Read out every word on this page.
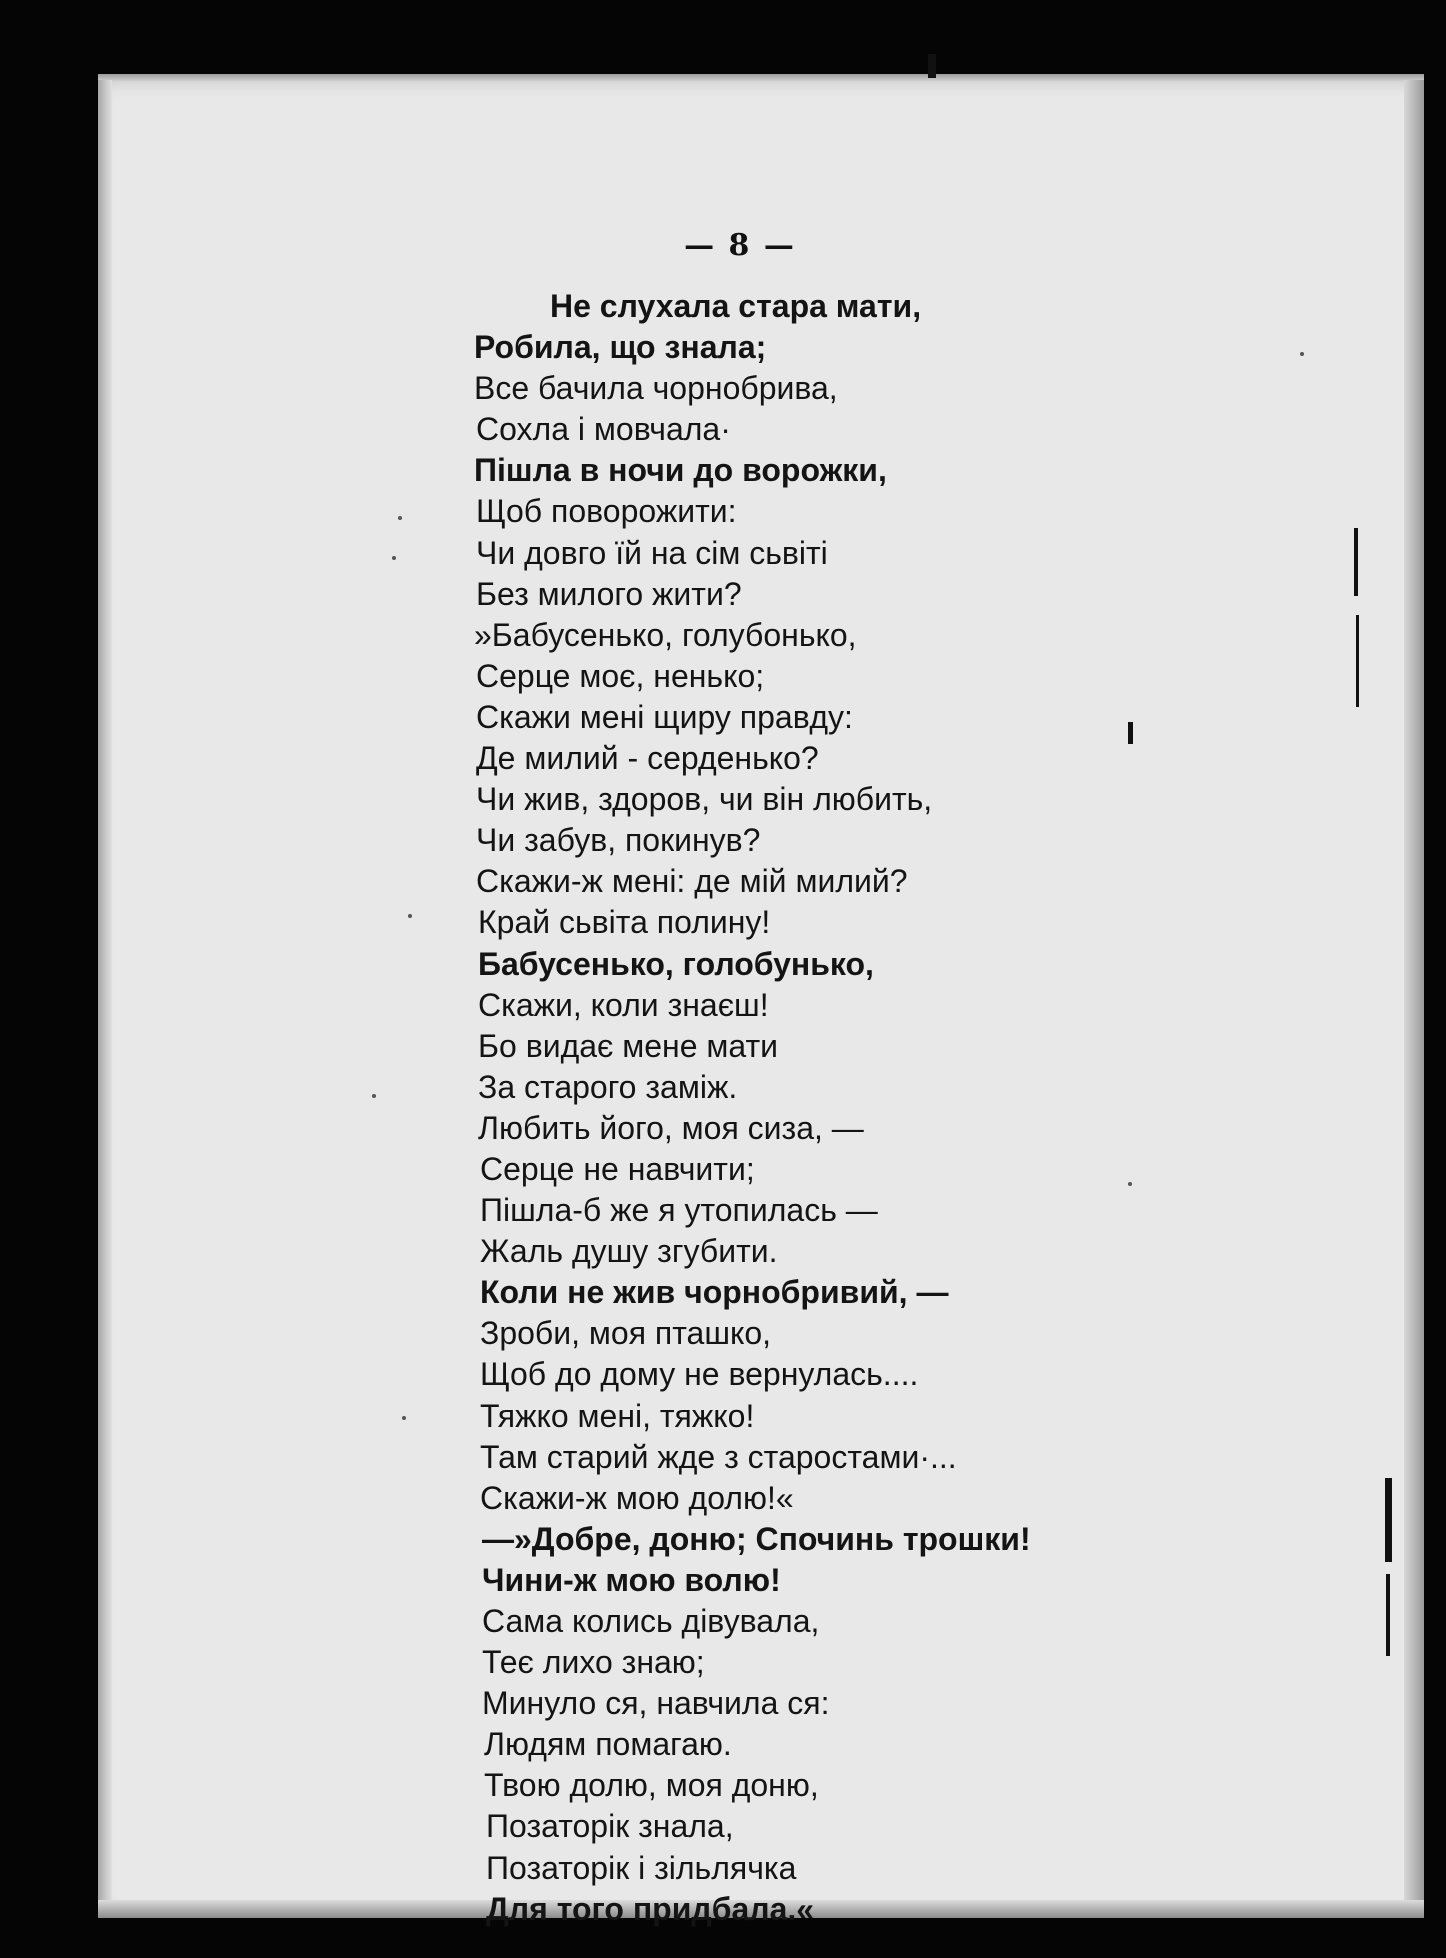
— 8 —
Не слухала стара мати,
Робила, що знала;
Все бачила чорнобрива,
Сохла і мовчала·
Пішла в ночи до ворожки,
Щоб поворожити:
Чи довго їй на сім сьвіті
Без милого жити?
»Бабусенько, голубонько,
Серце моє, ненько;
Скажи мені щиру правду:
Де милий - серденько?
Чи жив, здоров, чи він любить,
Чи забув, покинув?
Скажи-ж мені: де мій милий?
Край сьвіта полину!
Бабусенько, голобунько,
Скажи, коли знаєш!
Бо видає мене мати
За старого заміж.
Любить його, моя сиза, —
Серце не навчити;
Пішла-б же я утопилась —
Жаль душу згубити.
Коли не жив чорнобривий, —
Зроби, моя пташко,
Щоб до дому не вернулась....
Тяжко мені, тяжко!
Там старий жде з старостами·...
Скажи-ж мою долю!«
—»Добре, доню; Спочинь трошки!
Чини-ж мою волю!
Сама колись дівувала,
Теє лихо знаю;
Минуло ся, навчила ся:
Людям помагаю.
Твою долю, моя доню,
Позаторік знала,
Позаторік і зільлячка
Для того придбала.«
